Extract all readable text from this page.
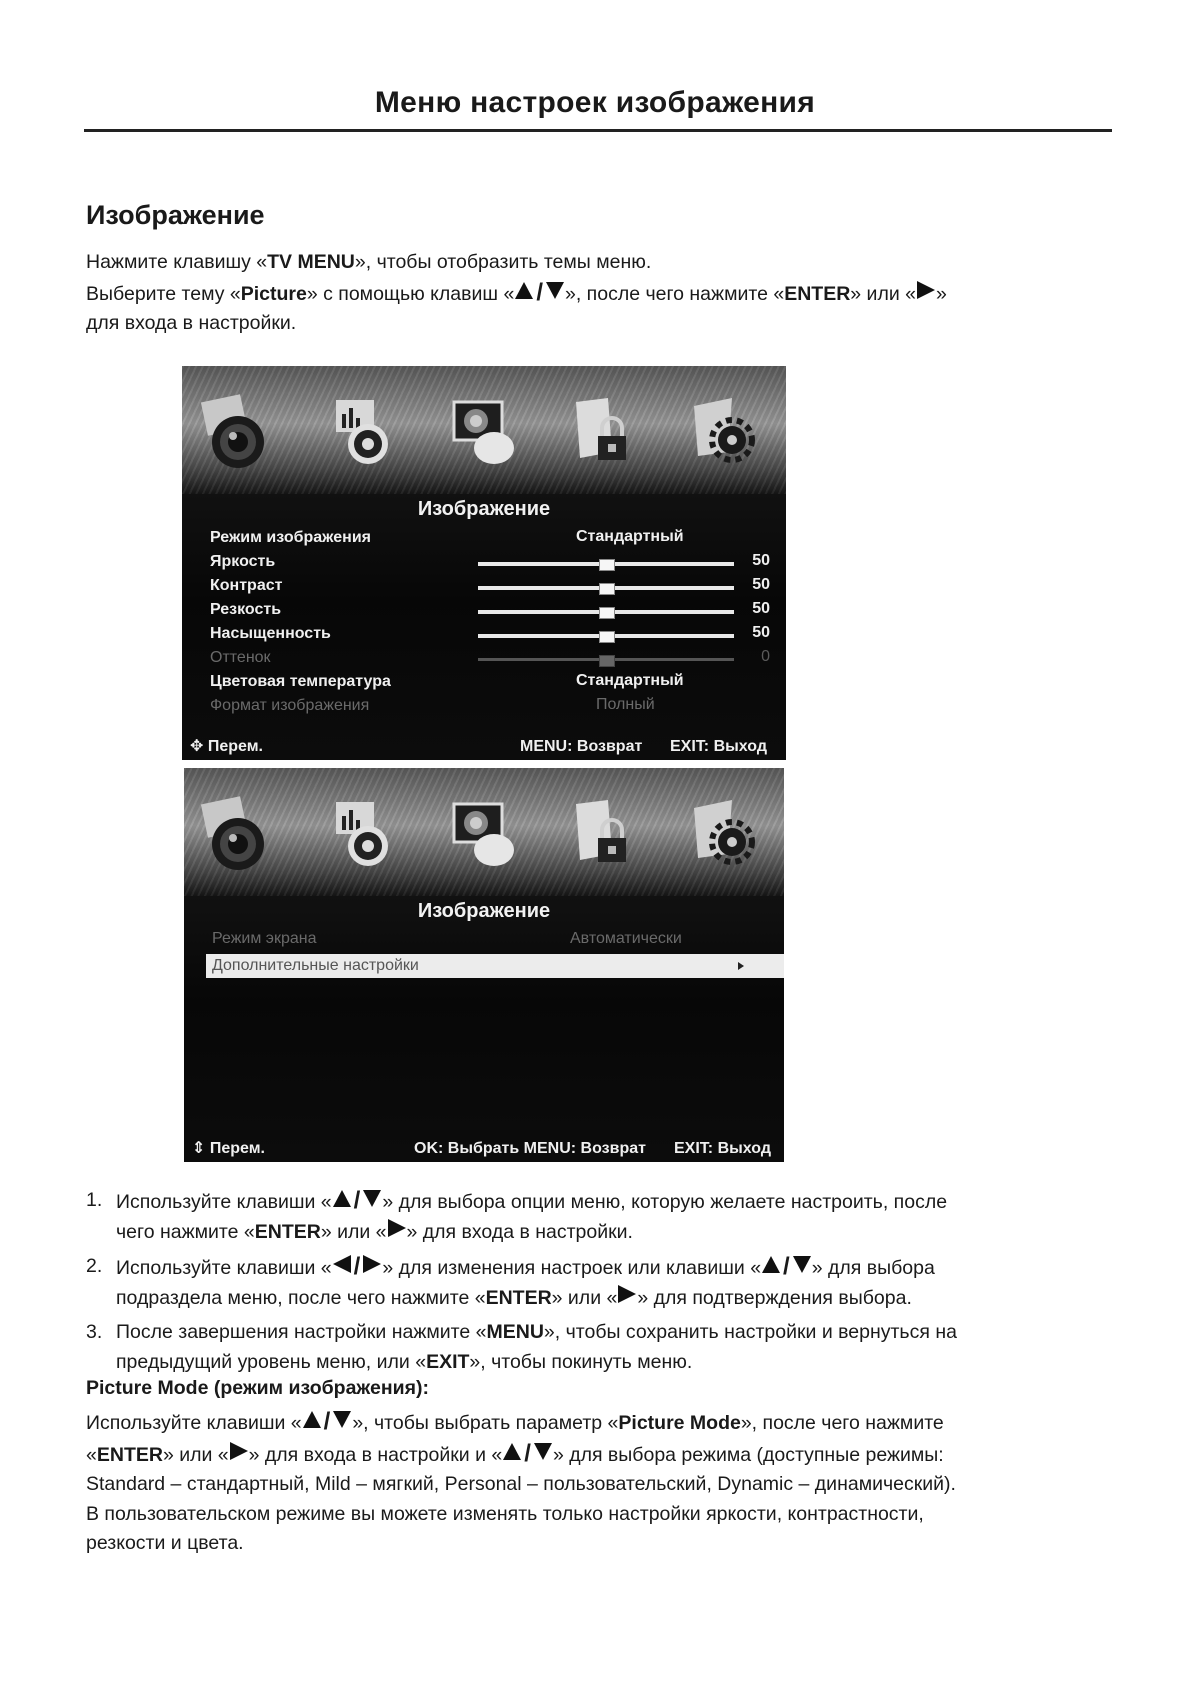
Меню настроек изображения
Изображение

Нажмите клавишу «TV MENU», чтобы отобразить темы меню.

Выберите тему «Picture» с помощью клавиш « / », после чего нажмите «ENTER» или « »

для входа в настройки.

Изображение
Режим изображения	Стандартный
Яркость	50
Контраст	50
Резкость	50
Насыщенность	50
Оттенок	0
Цветовая температура	Стандартный
Формат изображения	Полный
✥ Перем.	MENU: Возврат EXIT: Выход
Изображение
Режим экрана	Автоматически
Дополнительные настройки
⇕ Перем.	OK: Выбрать MENU: Возврат EXIT: Выход
1. Используйте клавиши « / » для выбора опции меню, которую желаете настроить, после
чего нажмите «ENTER» или « » для входа в настройки.
2. Используйте клавиши « / » для изменения настроек или клавиши « / » для выбора
подраздела меню, после чего нажмите «ENTER» или « » для подтверждения выбора.
3. После завершения настройки нажмите «MENU», чтобы сохранить настройки и вернуться на
предыдущий уровень меню, или «EXIT», чтобы покинуть меню.
Picture Mode (режим изображения):

Используйте клавиши « / », чтобы выбрать параметр «Picture Mode», после чего нажмите

«ENTER» или « » для входа в настройки и « / » для выбора режима (доступные режимы:

Standard – стандартный, Mild – мягкий, Personal – пользовательский, Dynamic – динамический).

В пользовательском режиме вы можете изменять только настройки яркости, контрастности,

резкости и цвета.
